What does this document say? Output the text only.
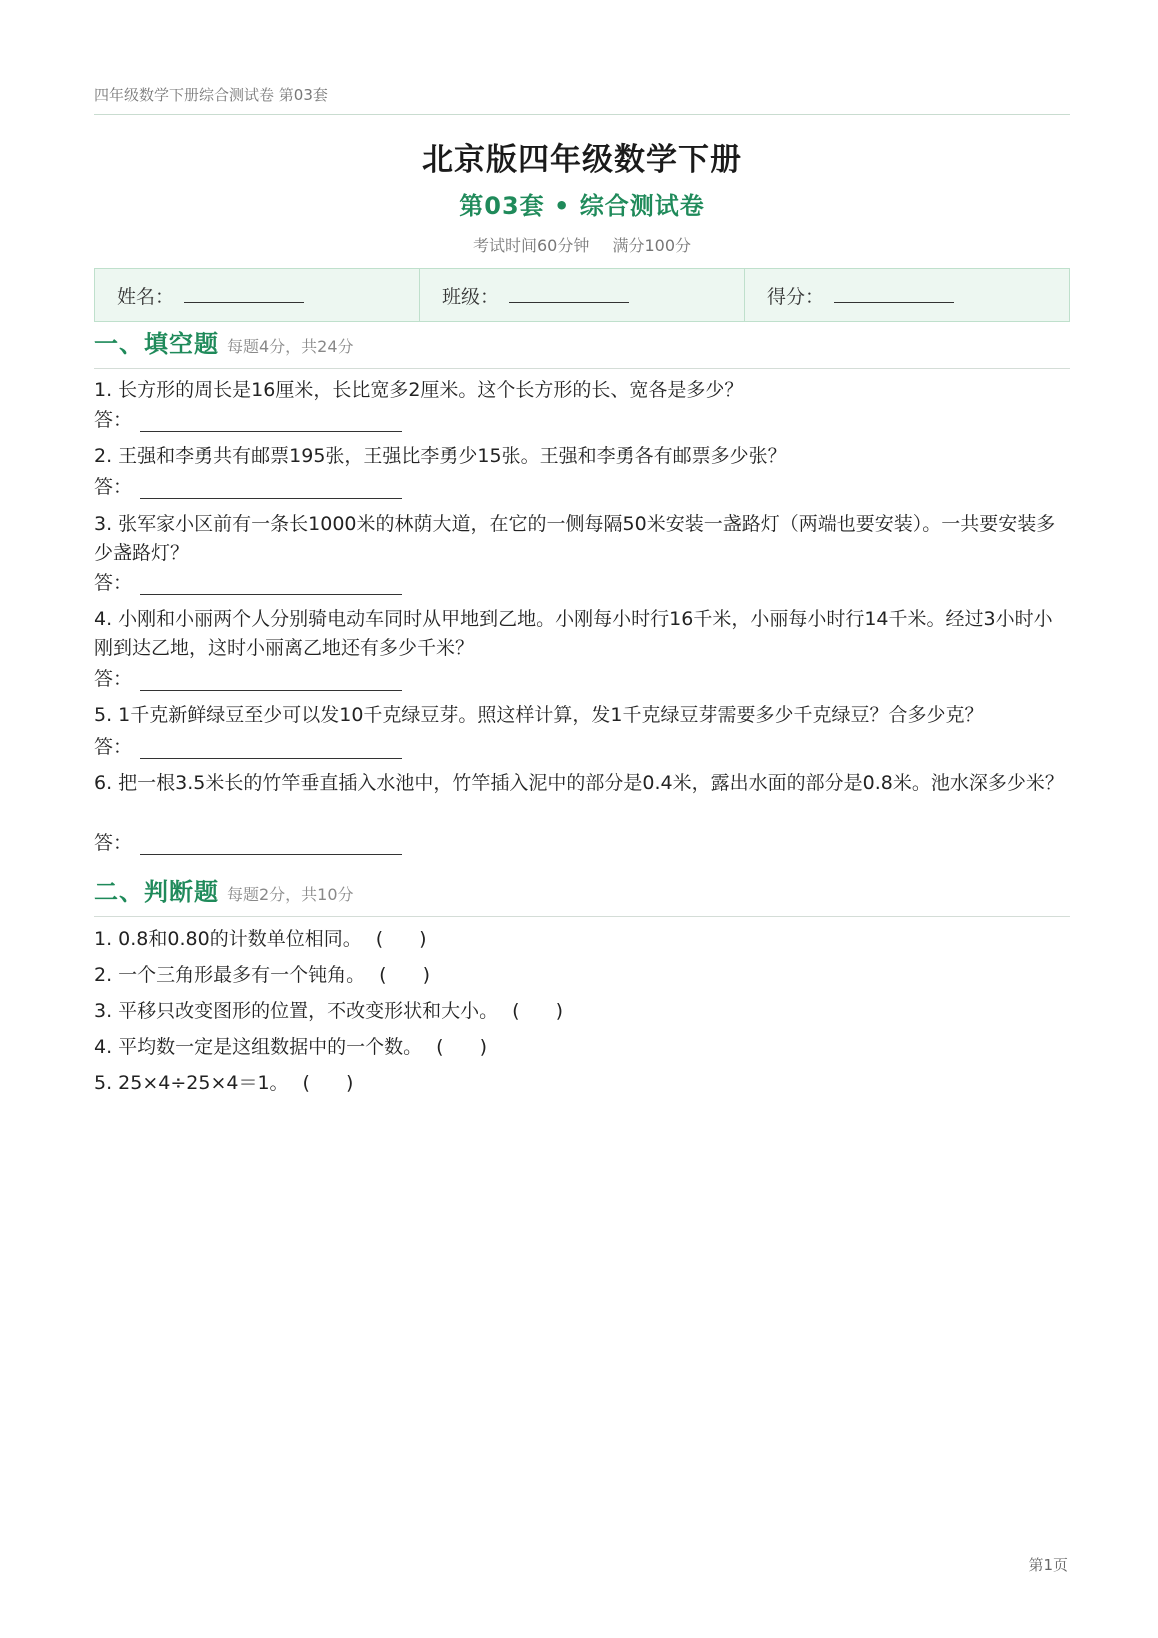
四年级数学下册综合测试卷 第03套
北京版四年级数学下册
第03套 • 综合测试卷
考试时间60分钟 满分100分
姓名：	班级：	得分：
一、填空题 每题4分，共24分
1. 长方形的周长是16厘米，长比宽多2厘米。这个长方形的长、宽各是多少？
答：
2. 王强和李勇共有邮票195张，王强比李勇少15张。王强和李勇各有邮票多少张？
答：
3. 张军家小区前有一条长1000米的林荫大道，在它的一侧每隔50米安装一盏路灯（两端也要安装）。一共要安装多少盏路灯？
答：
4. 小刚和小丽两个人分别骑电动车同时从甲地到乙地。小刚每小时行16千米，小丽每小时行14千米。经过3小时小刚到达乙地，这时小丽离乙地还有多少千米？
答：
5. 1千克新鲜绿豆至少可以发10千克绿豆芽。照这样计算，发1千克绿豆芽需要多少千克绿豆？合多少克？
答：
6. 把一根3.5米长的竹竿垂直插入水池中，竹竿插入泥中的部分是0.4米，露出水面的部分是0.8米。池水深多少米？
答：
二、判断题 每题2分，共10分
1. 0.8和0.80的计数单位相同。 ( )
2. 一个三角形最多有一个钝角。 ( )
3. 平移只改变图形的位置，不改变形状和大小。 ( )
4. 平均数一定是这组数据中的一个数。 ( )
5. 25×4÷25×4＝1。 ( )
第1页
